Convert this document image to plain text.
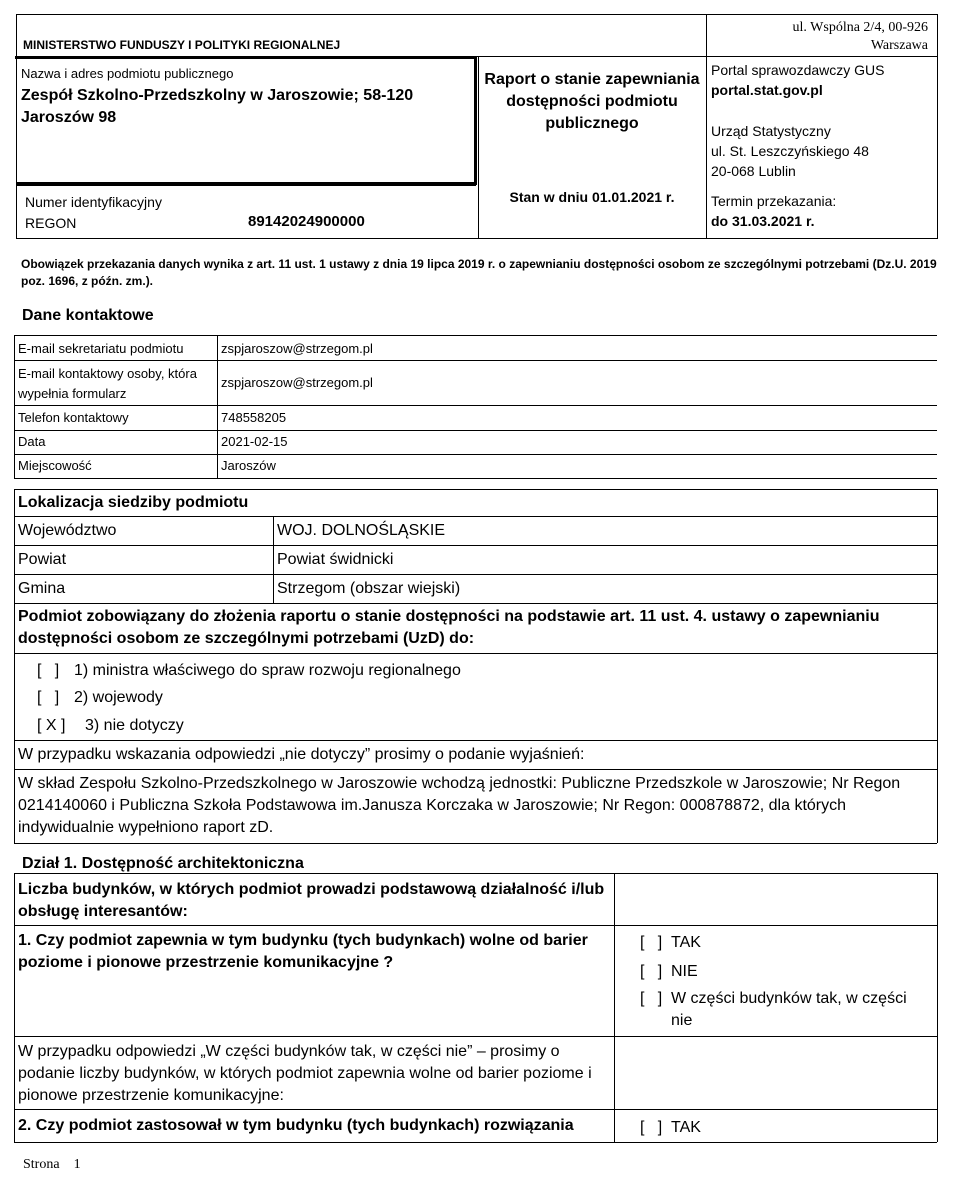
MINISTERSTWO FUNDUSZY I POLITYKI REGIONALNEJ
ul. Wspólna 2/4, 00-926
Warszawa
Nazwa i adres podmiotu publicznego
Zespół Szkolno-Przedszkolny w Jaroszowie; 58-120 Jaroszów 98
Raport o stanie zapewniania dostępności podmiotu publicznego
Portal sprawozdawczy GUS
portal.stat.gov.pl
Urząd Statystyczny
ul. St. Leszczyńskiego 48
20-068 Lublin
Numer identyfikacyjny
REGON	89142024900000
Stan w dniu 01.01.2021 r.	Termin przekazania:
do 31.03.2021 r.
Obowiązek przekazania danych wynika z art. 11 ust. 1 ustawy z dnia 19 lipca 2019 r. o zapewnianiu dostępności osobom ze szczególnymi potrzebami (Dz.U. 2019 poz. 1696, z późn. zm.).
Dane kontaktowe
E-mail sekretariatu podmiotu	zspjaroszow@strzegom.pl
E-mail kontaktowy osoby, która wypełnia formularz
zspjaroszow@strzegom.pl
Telefon kontaktowy	748558205
Data	2021-02-15
Miejscowość	Jaroszów
Lokalizacja siedziby podmiotu
Województwo	WOJ. DOLNOŚLĄSKIE
Powiat	Powiat świdnicki
Gmina	Strzegom (obszar wiejski)
Podmiot zobowiązany do złożenia raportu o stanie dostępności na podstawie art. 11 ust. 4. ustawy o zapewnianiu dostępności osobom ze szczególnymi potrzebami (UzD) do:
[   ] 1) ministra właściwego do spraw rozwoju regionalnego
[   ] 2) wojewody
[ X ] 3) nie dotyczy
W przypadku wskazania odpowiedzi „nie dotyczy” prosimy o podanie wyjaśnień:
W skład Zespołu Szkolno-Przedszkolnego w Jaroszowie wchodzą jednostki: Publiczne Przedszkole w Jaroszowie; Nr Regon 0214140060 i Publiczna Szkoła Podstawowa im.Janusza Korczaka w Jaroszowie; Nr Regon: 000878872, dla których indywidualnie wypełniono raport zD.
Dział 1. Dostępność architektoniczna
Liczba budynków, w których podmiot prowadzi podstawową działalność i/lub obsługę interesantów:
1. Czy podmiot zapewnia w tym budynku (tych budynkach) wolne od barier poziome i pionowe przestrzenie komunikacyjne ?
[   ] TAK
[   ] NIE
[   ] W części budynków tak, w części nie
W przypadku odpowiedzi „W części budynków tak, w części nie” – prosimy o podanie liczby budynków, w których podmiot zapewnia wolne od barier poziome i pionowe przestrzenie komunikacyjne:
2. Czy podmiot zastosował w tym budynku (tych budynkach) rozwiązania	[   ] TAK
Strona 1
